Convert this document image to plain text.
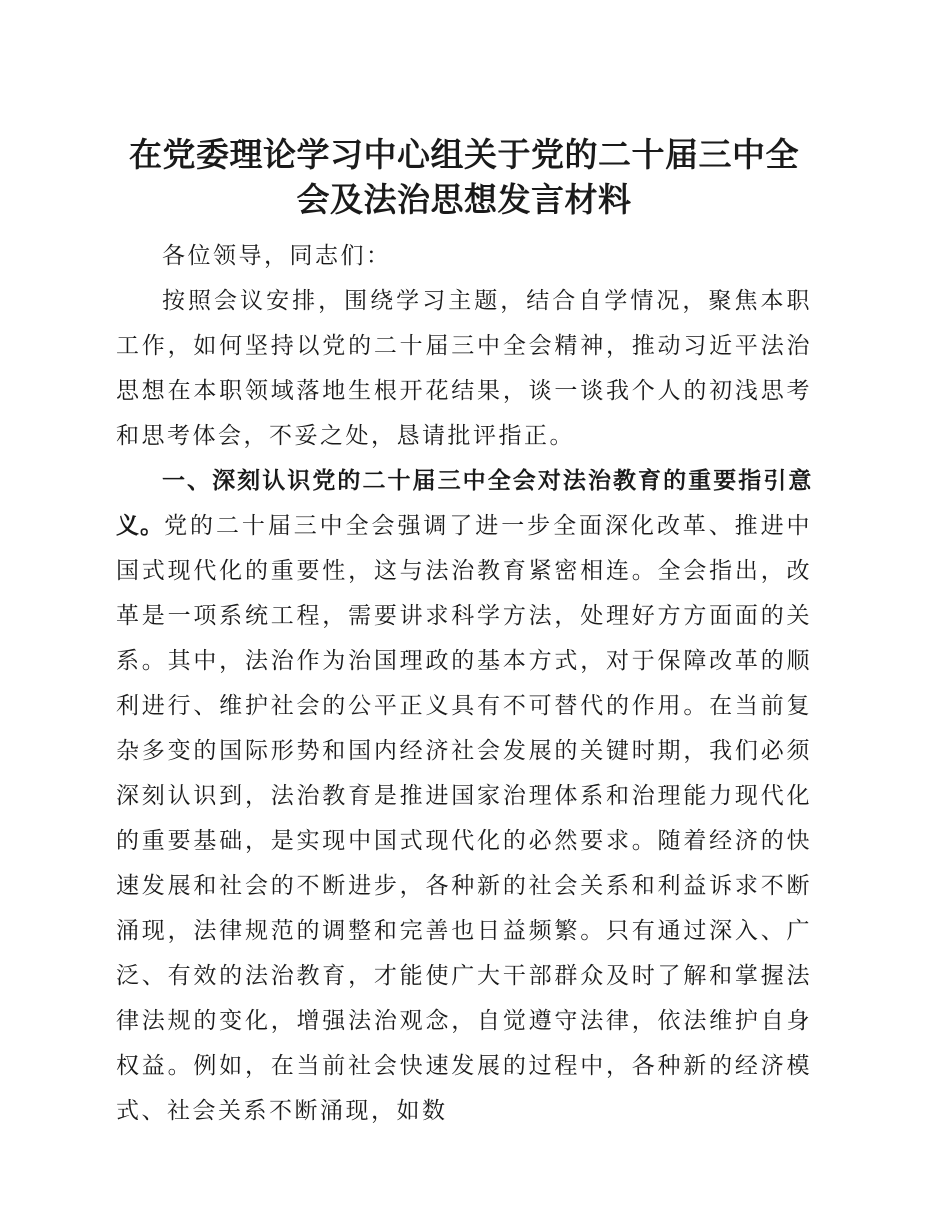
在党委理论学习中心组关于党的二十届三中全
会及法治思想发言材料

各位领导，同志们：

按照会议安排，围绕学习主题，结合自学情况，聚焦本职工作，如何坚持以党的二十届三中全会精神，推动习近平法治思想在本职领域落地生根开花结果，谈一谈我个人的初浅思考和思考体会，不妥之处，恳请批评指正。

一、深刻认识党的二十届三中全会对法治教育的重要指引意义。党的二十届三中全会强调了进一步全面深化改革、推进中国式现代化的重要性，这与法治教育紧密相连。全会指出，改革是一项系统工程，需要讲求科学方法，处理好方方面面的关系。其中，法治作为治国理政的基本方式，对于保障改革的顺利进行、维护社会的公平正义具有不可替代的作用。在当前复杂多变的国际形势和国内经济社会发展的关键时期，我们必须深刻认识到，法治教育是推进国家治理体系和治理能力现代化的重要基础，是实现中国式现代化的必然要求。随着经济的快速发展和社会的不断进步，各种新的社会关系和利益诉求不断涌现，法律规范的调整和完善也日益频繁。只有通过深入、广泛、有效的法治教育，才能使广大干部群众及时了解和掌握法律法规的变化，增强法治观念，自觉遵守法律，依法维护自身权益。例如，在当前社会快速发展的过程中，各种新的经济模式、社会关系不断涌现，如数
